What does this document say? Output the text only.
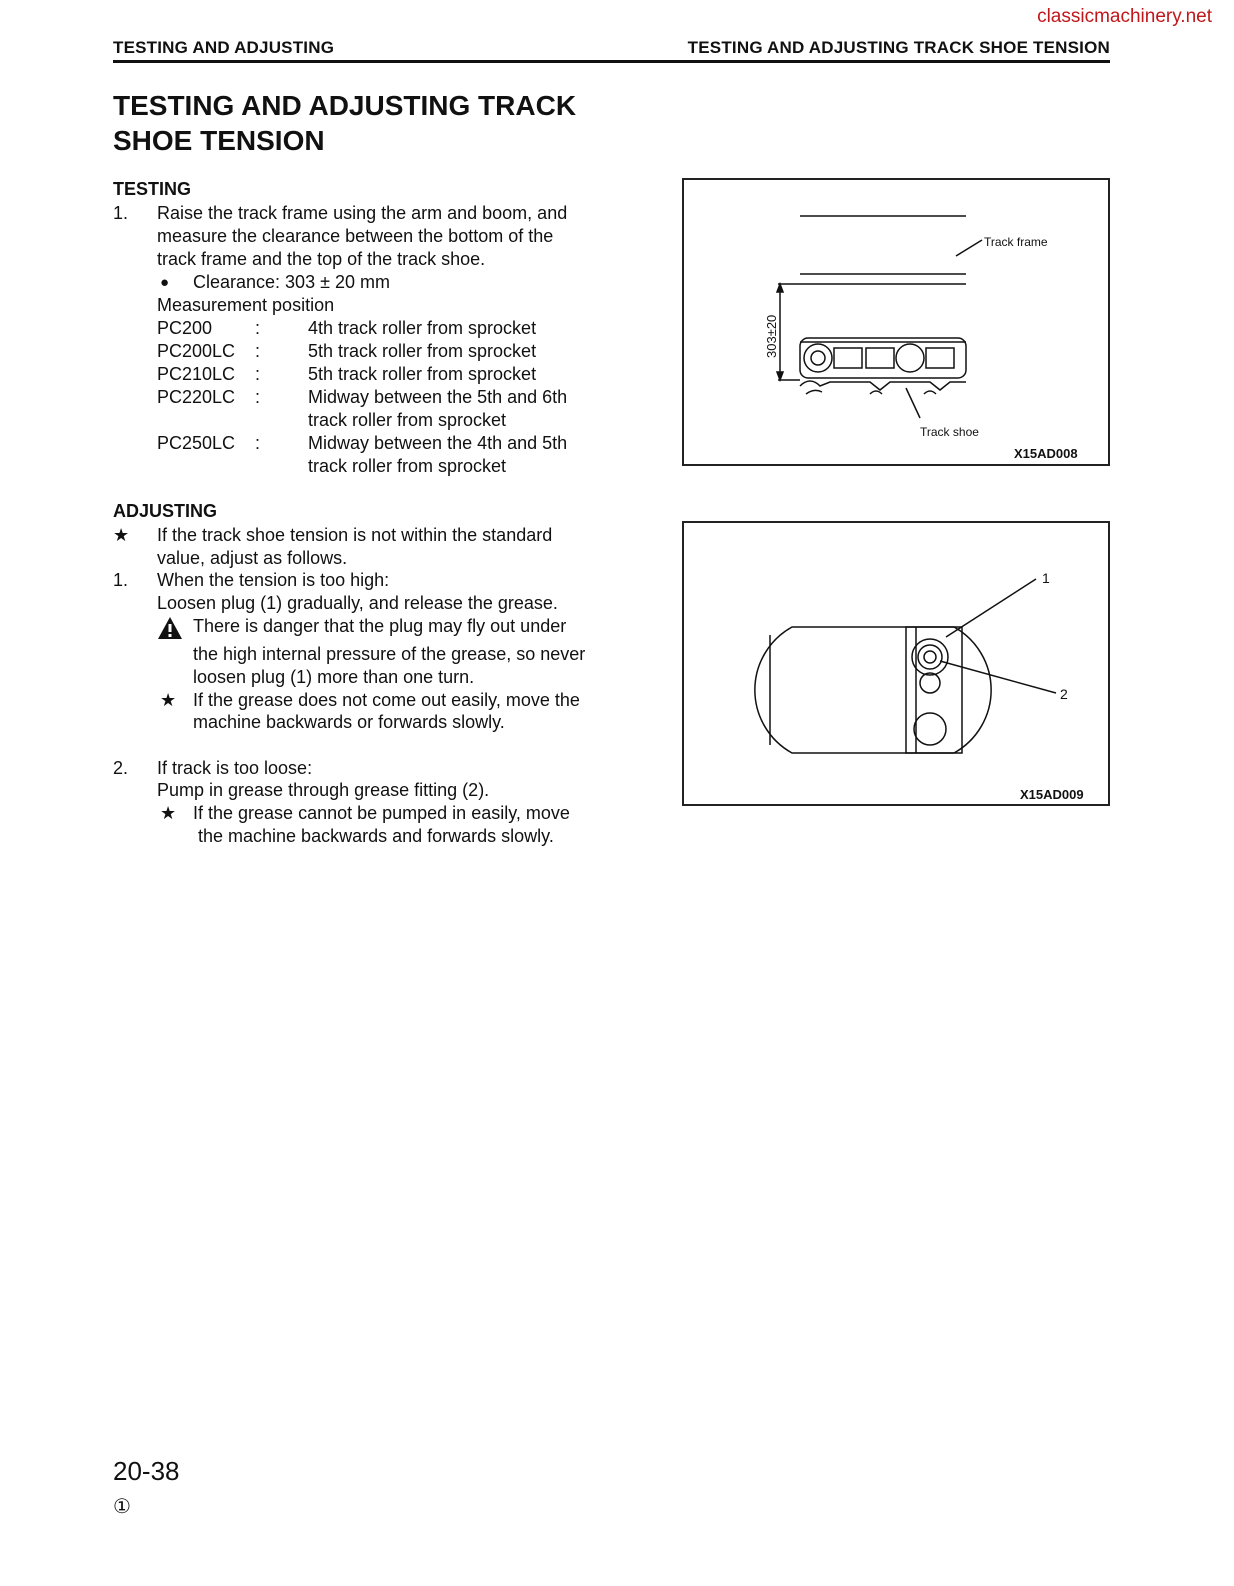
classicmachinery.net
TESTING AND ADJUSTING	TESTING AND ADJUSTING TRACK SHOE TENSION
TESTING AND ADJUSTING TRACK
SHOE TENSION
TESTING
1. Raise the track frame using the arm and boom, and
measure the clearance between the bottom of the
track frame and the top of the track shoe.
● Clearance: 303 ± 20 mm
Measurement position
PC200 :	4th track roller from sprocket
PC200LC :	5th track roller from sprocket
PC210LC :	5th track roller from sprocket
PC220LC :	Midway between the 5th and 6th
track roller from sprocket
PC250LC :	Midway between the 4th and 5th
track roller from sprocket
ADJUSTING
★ If the track shoe tension is not within the standard
value, adjust as follows.
1. When the tension is too high:
Loosen plug (1) gradually, and release the grease.
There is danger that the plug may fly out under
the high internal pressure of the grease, so never
loosen plug (1) more than one turn.
★ If the grease does not come out easily, move the
machine backwards or forwards slowly.
2. If track is too loose:
Pump in grease through grease fitting (2).
★ If the grease cannot be pumped in easily, move
the machine backwards and forwards slowly.
Track frame
Track shoe
303±20
X15AD008
1
2
X15AD009
20-38
①
